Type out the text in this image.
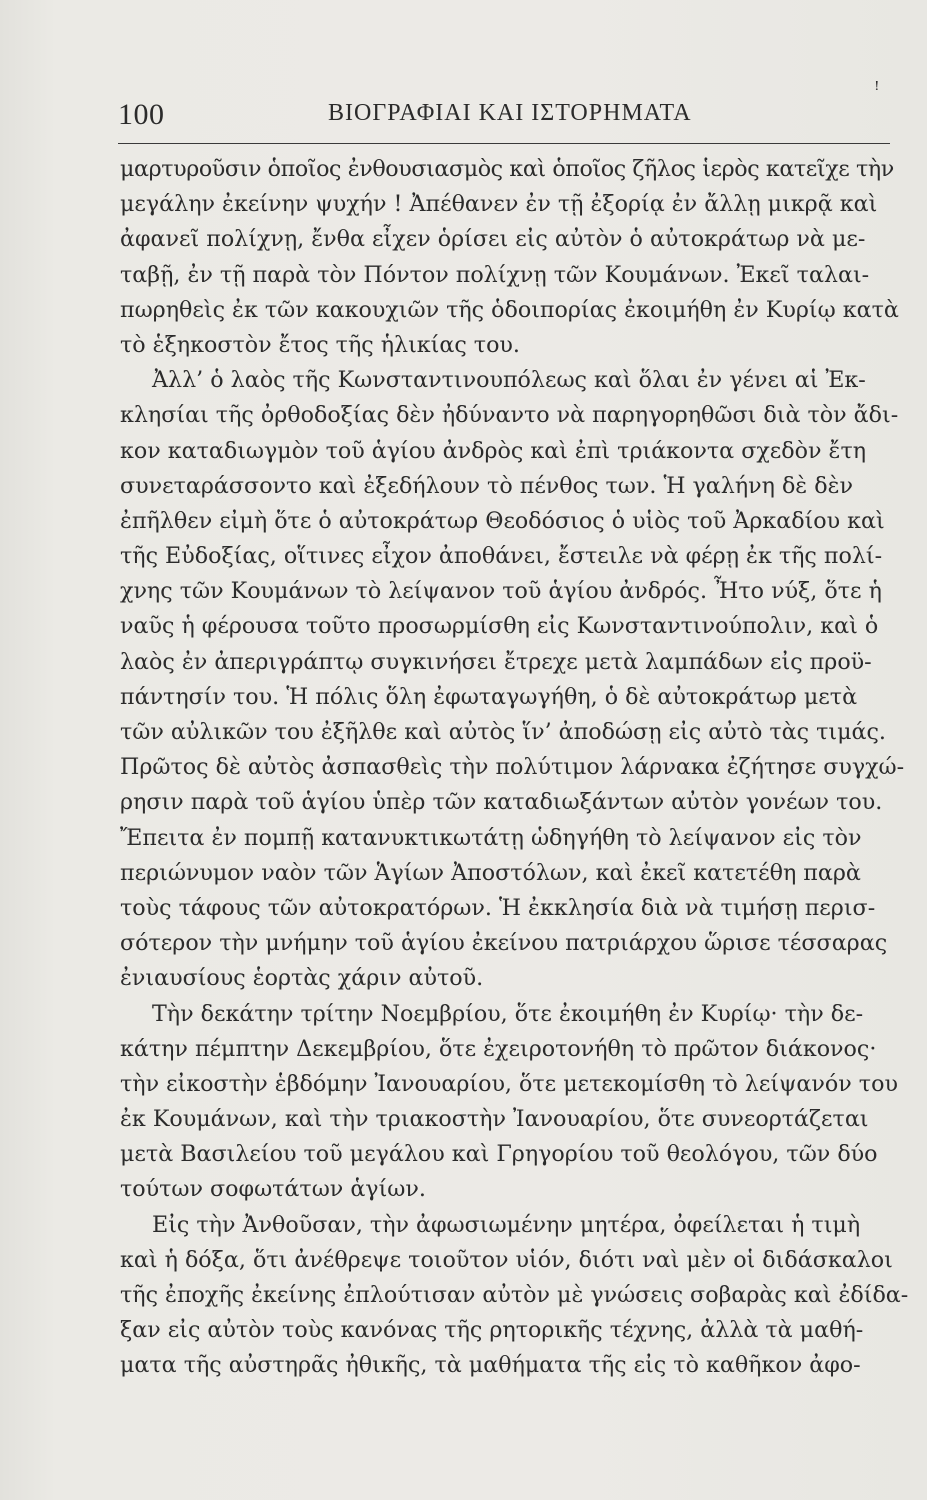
100	ΒΙΟΓΡΑΦΙΑΙ ΚΑΙ ΙΣΤΟΡΗΜΑΤΑ
ꜝ
μαρτυροῦσιν ὁποῖος ἐνθουσιασμὸς καὶ ὁποῖος ζῆλος ἱερὸς κατεῖχε τὴν
μεγάλην ἐκείνην ψυχήν ! Ἀπέθανεν ἐν τῇ ἐξορίᾳ ἐν ἄλλῃ μικρᾷ καὶ
ἀφανεῖ πολίχνῃ, ἔνθα εἶχεν ὁρίσει εἰς αὐτὸν ὁ αὐτοκράτωρ νὰ με-
ταβῇ, ἐν τῇ παρὰ τὸν Πόντον πολίχνῃ τῶν Κουμάνων. Ἐκεῖ ταλαι-
πωρηθεὶς ἐκ τῶν κακουχιῶν τῆς ὁδοιπορίας ἐκοιμήθη ἐν Κυρίῳ κατὰ
τὸ ἑξηκοστὸν ἔτος τῆς ἡλικίας του.
Ἀλλ’ ὁ λαὸς τῆς Κωνσταντινουπόλεως καὶ ὅλαι ἐν γένει αἱ Ἐκ-
κλησίαι τῆς ὀρθοδοξίας δὲν ἠδύναντο νὰ παρηγορηθῶσι διὰ τὸν ἄδι-
κον καταδιωγμὸν τοῦ ἁγίου ἀνδρὸς καὶ ἐπὶ τριάκοντα σχεδὸν ἔτη
συνεταράσσοντο καὶ ἐξεδήλουν τὸ πένθος των. Ἡ γαλήνη δὲ δὲν
ἐπῆλθεν εἰμὴ ὅτε ὁ αὐτοκράτωρ Θεοδόσιος ὁ υἱὸς τοῦ Ἀρκαδίου καὶ
τῆς Εὐδοξίας, οἵτινες εἶχον ἀποθάνει, ἔστειλε νὰ φέρῃ ἐκ τῆς πολί-
χνης τῶν Κουμάνων τὸ λείψανον τοῦ ἁγίου ἀνδρός. Ἦτο νύξ, ὅτε ἡ
ναῦς ἡ φέρουσα τοῦτο προσωρμίσθη εἰς Κωνσταντινούπολιν, καὶ ὁ
λαὸς ἐν ἀπεριγράπτῳ συγκινήσει ἔτρεχε μετὰ λαμπάδων εἰς προϋ-
πάντησίν του. Ἡ πόλις ὅλη ἐφωταγωγήθη, ὁ δὲ αὐτοκράτωρ μετὰ
τῶν αὐλικῶν του ἐξῆλθε καὶ αὐτὸς ἵν’ ἀποδώσῃ εἰς αὐτὸ τὰς τιμάς.
Πρῶτος δὲ αὐτὸς ἀσπασθεὶς τὴν πολύτιμον λάρνακα ἐζήτησε συγχώ-
ρησιν παρὰ τοῦ ἁγίου ὑπὲρ τῶν καταδιωξάντων αὐτὸν γονέων του.
Ἔπειτα ἐν πομπῇ κατανυκτικωτάτῃ ὡδηγήθη τὸ λείψανον εἰς τὸν
περιώνυμον ναὸν τῶν Ἁγίων Ἀποστόλων, καὶ ἐκεῖ κατετέθη παρὰ
τοὺς τάφους τῶν αὐτοκρατόρων. Ἡ ἐκκλησία διὰ νὰ τιμήσῃ περισ-
σότερον τὴν μνήμην τοῦ ἁγίου ἐκείνου πατριάρχου ὥρισε τέσσαρας
ἐνιαυσίους ἑορτὰς χάριν αὐτοῦ.
Τὴν δεκάτην τρίτην Νοεμβρίου, ὅτε ἐκοιμήθη ἐν Κυρίῳ· τὴν δε-
κάτην πέμπτην Δεκεμβρίου, ὅτε ἐχειροτονήθη τὸ πρῶτον διάκονος·
τὴν εἰκοστὴν ἑβδόμην Ἰανουαρίου, ὅτε μετεκομίσθη τὸ λείψανόν του
ἐκ Κουμάνων, καὶ τὴν τριακοστὴν Ἰανουαρίου, ὅτε συνεορτάζεται
μετὰ Βασιλείου τοῦ μεγάλου καὶ Γρηγορίου τοῦ θεολόγου, τῶν δύο
τούτων σοφωτάτων ἁγίων.
Εἰς τὴν Ἀνθοῦσαν, τὴν ἀφωσιωμένην μητέρα, ὀφείλεται ἡ τιμὴ
καὶ ἡ δόξα, ὅτι ἀνέθρεψε τοιοῦτον υἱόν, διότι ναὶ μὲν οἱ διδάσκαλοι
τῆς ἐποχῆς ἐκείνης ἐπλούτισαν αὐτὸν μὲ γνώσεις σοβαρὰς καὶ ἐδίδα-
ξαν εἰς αὐτὸν τοὺς κανόνας τῆς ρητορικῆς τέχνης, ἀλλὰ τὰ μαθή-
ματα τῆς αὐστηρᾶς ἠθικῆς, τὰ μαθήματα τῆς εἰς τὸ καθῆκον ἀφο-
